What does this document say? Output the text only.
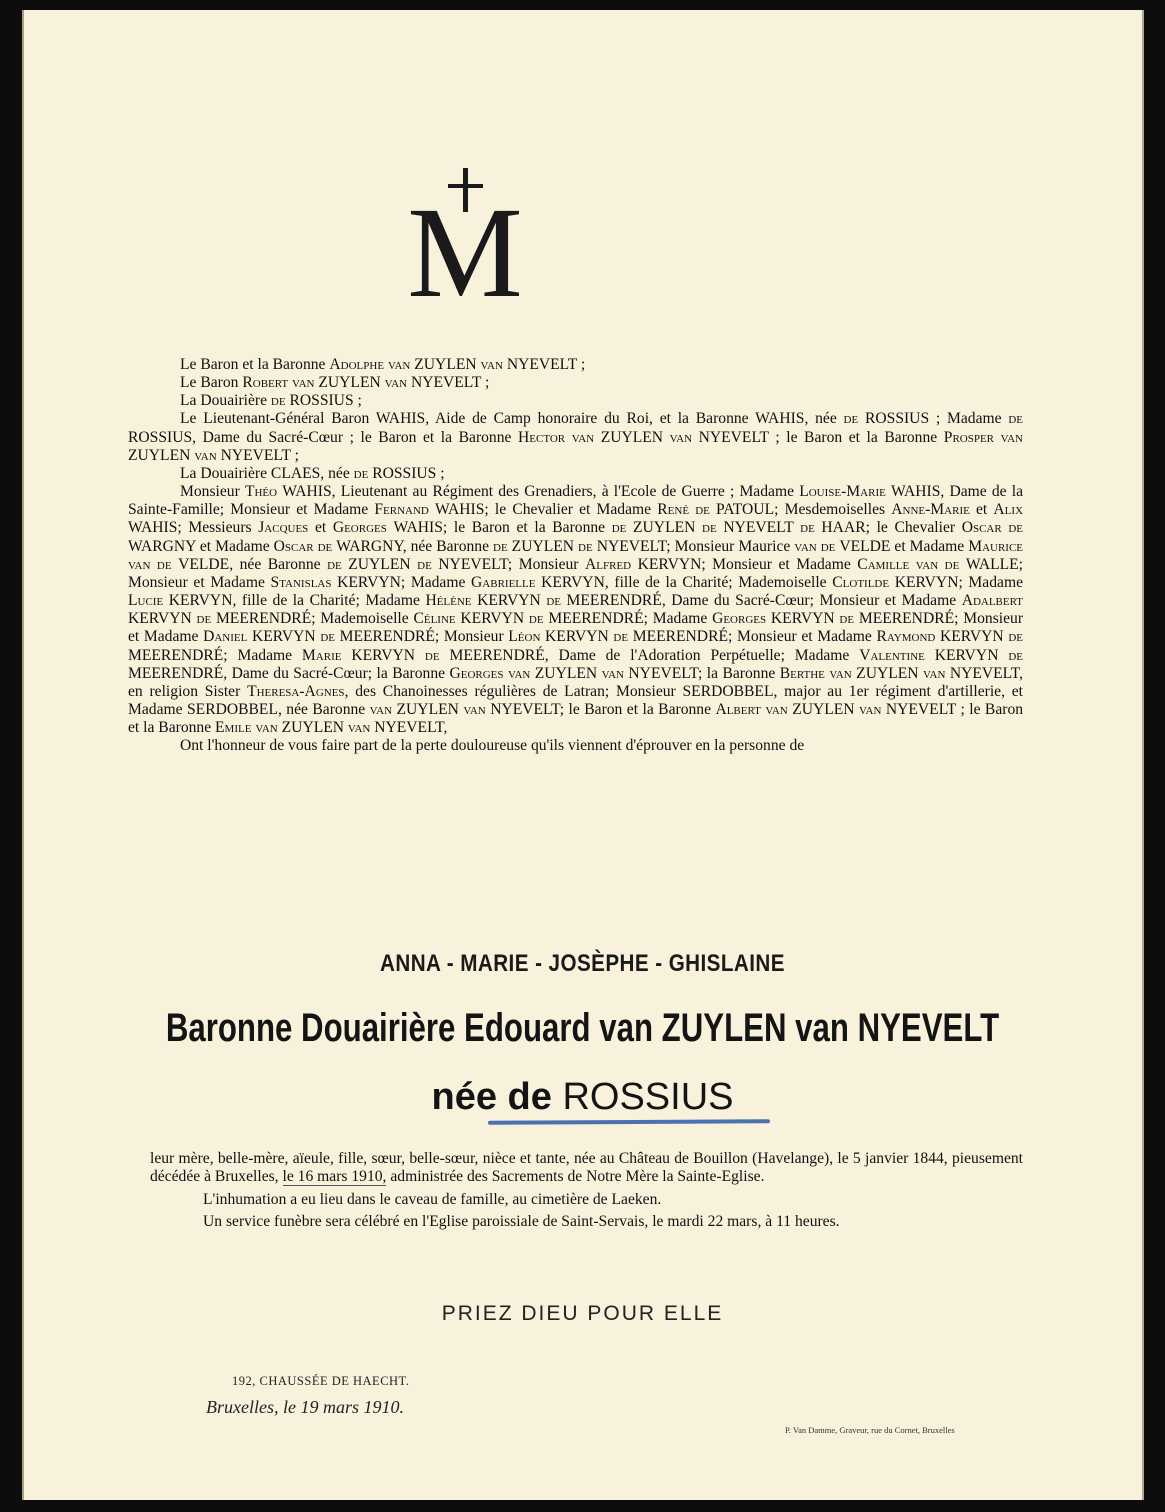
M

Le Baron et la Baronne Adolphe van ZUYLEN van NYEVELT ;

Le Baron Robert van ZUYLEN van NYEVELT ;

La Douairière de ROSSIUS ;

Le Lieutenant-Général Baron WAHIS, Aide de Camp honoraire du Roi, et la Baronne WAHIS, née de ROSSIUS ; Madame de ROSSIUS, Dame du Sacré-Cœur ; le Baron et la Baronne Hector van ZUYLEN van NYEVELT ; le Baron et la Baronne Prosper van ZUYLEN van NYEVELT ;

La Douairière CLAES, née de ROSSIUS ;

Monsieur Théo WAHIS, Lieutenant au Régiment des Grenadiers, à l'Ecole de Guerre ; Madame Louise-Marie WAHIS, Dame de la Sainte-Famille; Monsieur et Madame Fernand WAHIS; le Chevalier et Madame René de PATOUL; Mesdemoiselles Anne-Marie et Alix WAHIS; Messieurs Jacques et Georges WAHIS; le Baron et la Baronne de ZUYLEN de NYEVELT de HAAR; le Chevalier Oscar de WARGNY et Madame Oscar de WARGNY, née Baronne de ZUYLEN de NYEVELT; Monsieur Maurice van de VELDE et Madame Maurice van de VELDE, née Baronne de ZUYLEN de NYEVELT; Monsieur Alfred KERVYN; Monsieur et Madame Camille van de WALLE; Monsieur et Madame Stanislas KERVYN; Madame Gabrielle KERVYN, fille de la Charité; Mademoiselle Clotilde KERVYN; Madame Lucie KERVYN, fille de la Charité; Madame Hélène KERVYN de MEERENDRÉ, Dame du Sacré-Cœur; Monsieur et Madame Adalbert KERVYN de MEERENDRÉ; Mademoiselle Céline KERVYN de MEERENDRÉ; Madame Georges KERVYN de MEERENDRÉ; Monsieur et Madame Daniel KERVYN de MEERENDRÉ; Monsieur Léon KERVYN de MEERENDRÉ; Monsieur et Madame Raymond KERVYN de MEERENDRÉ; Madame Marie KERVYN de MEERENDRÉ, Dame de l'Adoration Perpétuelle; Madame Valentine KERVYN de MEERENDRÉ, Dame du Sacré-Cœur; la Baronne Georges van ZUYLEN van NYEVELT; la Baronne Berthe van ZUYLEN van NYEVELT, en religion Sister Theresa-Agnes, des Chanoinesses régulières de Latran; Monsieur SERDOBBEL, major au 1er régiment d'artillerie, et Madame SERDOBBEL, née Baronne van ZUYLEN van NYEVELT; le Baron et la Baronne Albert van ZUYLEN van NYEVELT ; le Baron et la Baronne Emile van ZUYLEN van NYEVELT,

Ont l'honneur de vous faire part de la perte douloureuse qu'ils viennent d'éprouver en la personne de

ANNA - MARIE - JOSÈPHE - GHISLAINE
Baronne Douairière Edouard van ZUYLEN van NYEVELT
née de ROSSIUS

leur mère, belle-mère, aïeule, fille, sœur, belle-sœur, nièce et tante, née au Château de Bouillon (Havelange), le 5 janvier 1844, pieusement décédée à Bruxelles, le 16 mars 1910, administrée des Sacrements de Notre Mère la Sainte-Eglise.

L'inhumation a eu lieu dans le caveau de famille, au cimetière de Laeken.

Un service funèbre sera célébré en l'Eglise paroissiale de Saint-Servais, le mardi 22 mars, à 11 heures.

PRIEZ DIEU POUR ELLE
192, CHAUSSÉE DE HAECHT.
Bruxelles, le 19 mars 1910.
P. Van Damme, Graveur, rue du Cornet, Bruxelles
